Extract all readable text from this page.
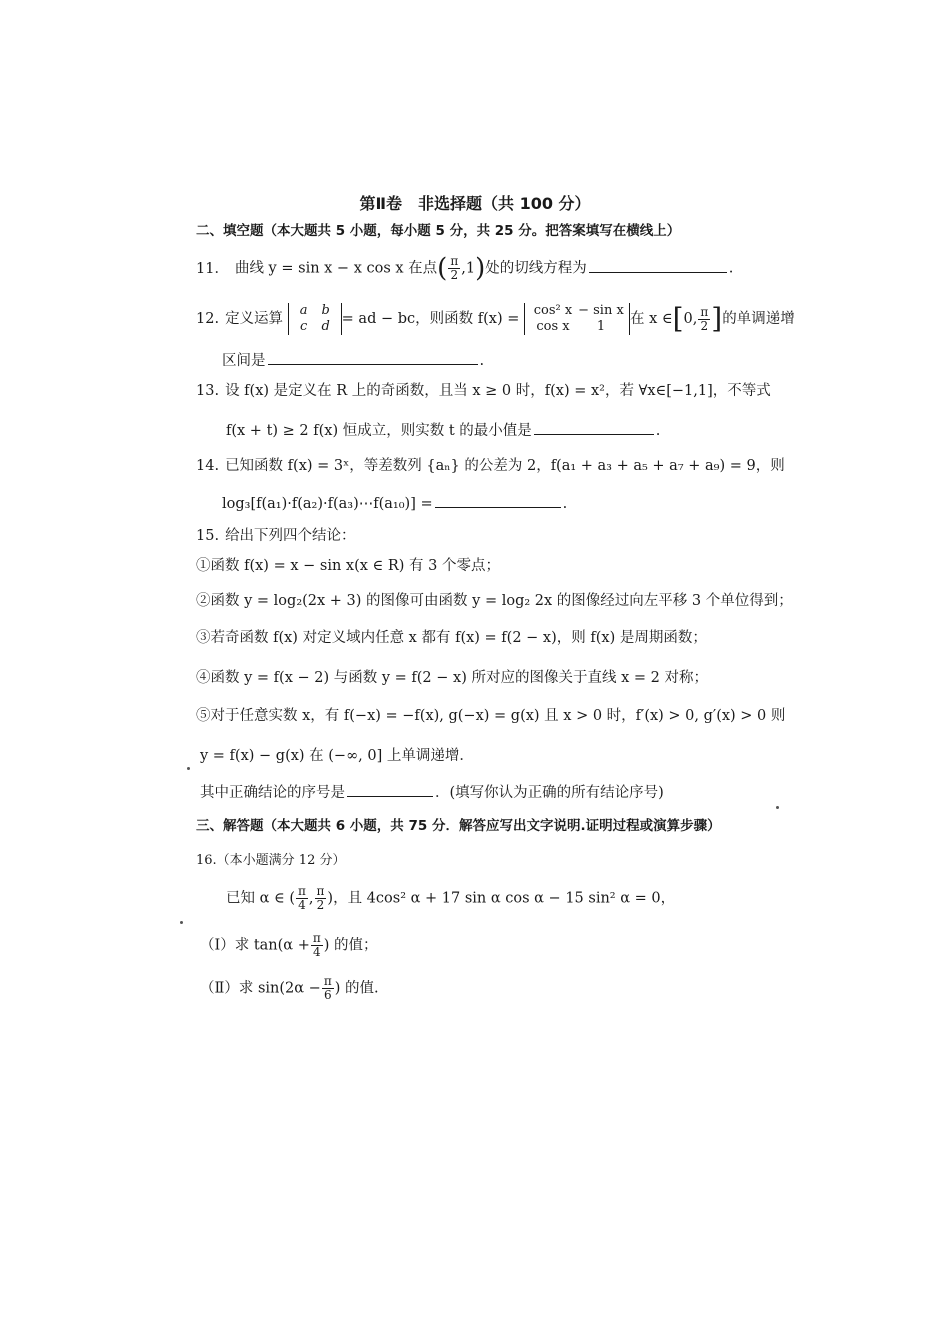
第Ⅱ卷　非选择题（共 100 分）
二、填空题（本大题共 5 小题，每小题 5 分，共 25 分。把答案填写在横线上）
11． 曲线 y = sin x − x cos x 在点( $\frac{\pi}{2} ,1$)处的切线方程为	.
12. 定义运算
a b
c d = ad − bc，则函数 f(x) =
cos² x − sin x
cos x 1	在 x ∈[0, $\frac{\pi}{2}$ ]的单调递增
区间是	.
13. 设 f(x) 是定义在 R 上的奇函数，且当 x ≥ 0 时，f(x) = x²，若 ∀x∈[−1,1]，不等式
f(x + t) ≥ 2 f(x) 恒成立，则实数 t 的最小值是	.
14. 已知函数 f(x) = 3ˣ，等差数列 {aₙ} 的公差为 2，f(a₁ + a₃ + a₅ + a₇ + a₉) = 9，则
log₃[f(a₁)·f(a₂)·f(a₃)⋯f(a₁₀)] =	.
15. 给出下列四个结论：
①函数 f(x) = x − sin x(x ∈ R) 有 3 个零点；
②函数 y = log₂(2x + 3) 的图像可由函数 y = log₂ 2x 的图像经过向左平移 3 个单位得到；
③若奇函数 f(x) 对定义域内任意 x 都有 f(x) = f(2 − x)，则 f(x) 是周期函数；
④函数 y = f(x − 2) 与函数 y = f(2 − x) 所对应的图像关于直线 x = 2 对称；
⑤对于任意实数 x，有 f(−x) = −f(x), g(−x) = g(x) 且 x > 0 时，f′(x) > 0, g′(x) > 0 则
y = f(x) − g(x) 在 (−∞, 0] 上单调递增．
其中正确结论的序号是	．(填写你认为正确的所有结论序号)
三、解答题（本大题共 6 小题，共 75 分．解答应写出文字说明.证明过程或演算步骤）
16.（本小题满分 12 分）
已知 α ∈ ( $\frac{\pi}{4}$ , $\frac{\pi}{2}$ )，且 4cos² α + 17 sin α cos α − 15 sin² α = 0，
（Ⅰ）求 $\tan(\alpha + \frac{\pi}{4}$ ) 的值；
（Ⅱ）求 $\sin(2\alpha - \frac{\pi}{6}$ ) 的值.
